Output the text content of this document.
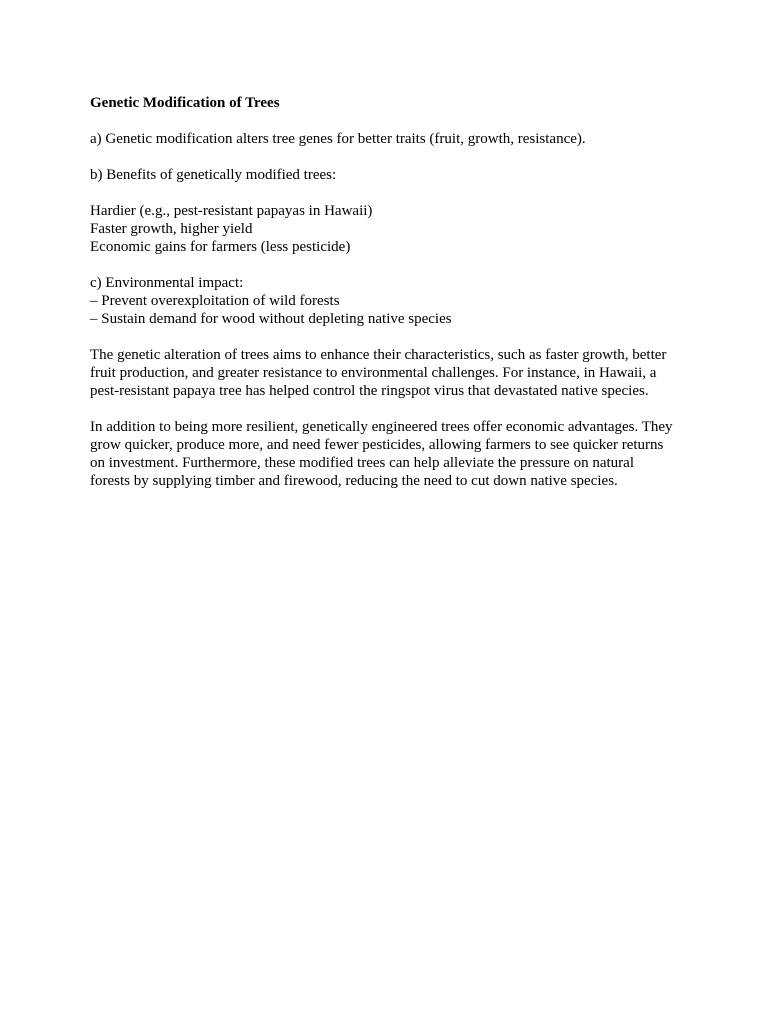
Genetic Modification of Trees
a) Genetic modification alters tree genes for better traits (fruit, growth, resistance).
b) Benefits of genetically modified trees:
Hardier (e.g., pest-resistant papayas in Hawaii)
Faster growth, higher yield
Economic gains for farmers (less pesticide)
c) Environmental impact:
– Prevent overexploitation of wild forests
– Sustain demand for wood without depleting native species
The genetic alteration of trees aims to enhance their characteristics, such as faster growth, better
fruit production, and greater resistance to environmental challenges. For instance, in Hawaii, a
pest-resistant papaya tree has helped control the ringspot virus that devastated native species.
In addition to being more resilient, genetically engineered trees offer economic advantages. They
grow quicker, produce more, and need fewer pesticides, allowing farmers to see quicker returns
on investment. Furthermore, these modified trees can help alleviate the pressure on natural
forests by supplying timber and firewood, reducing the need to cut down native species.
